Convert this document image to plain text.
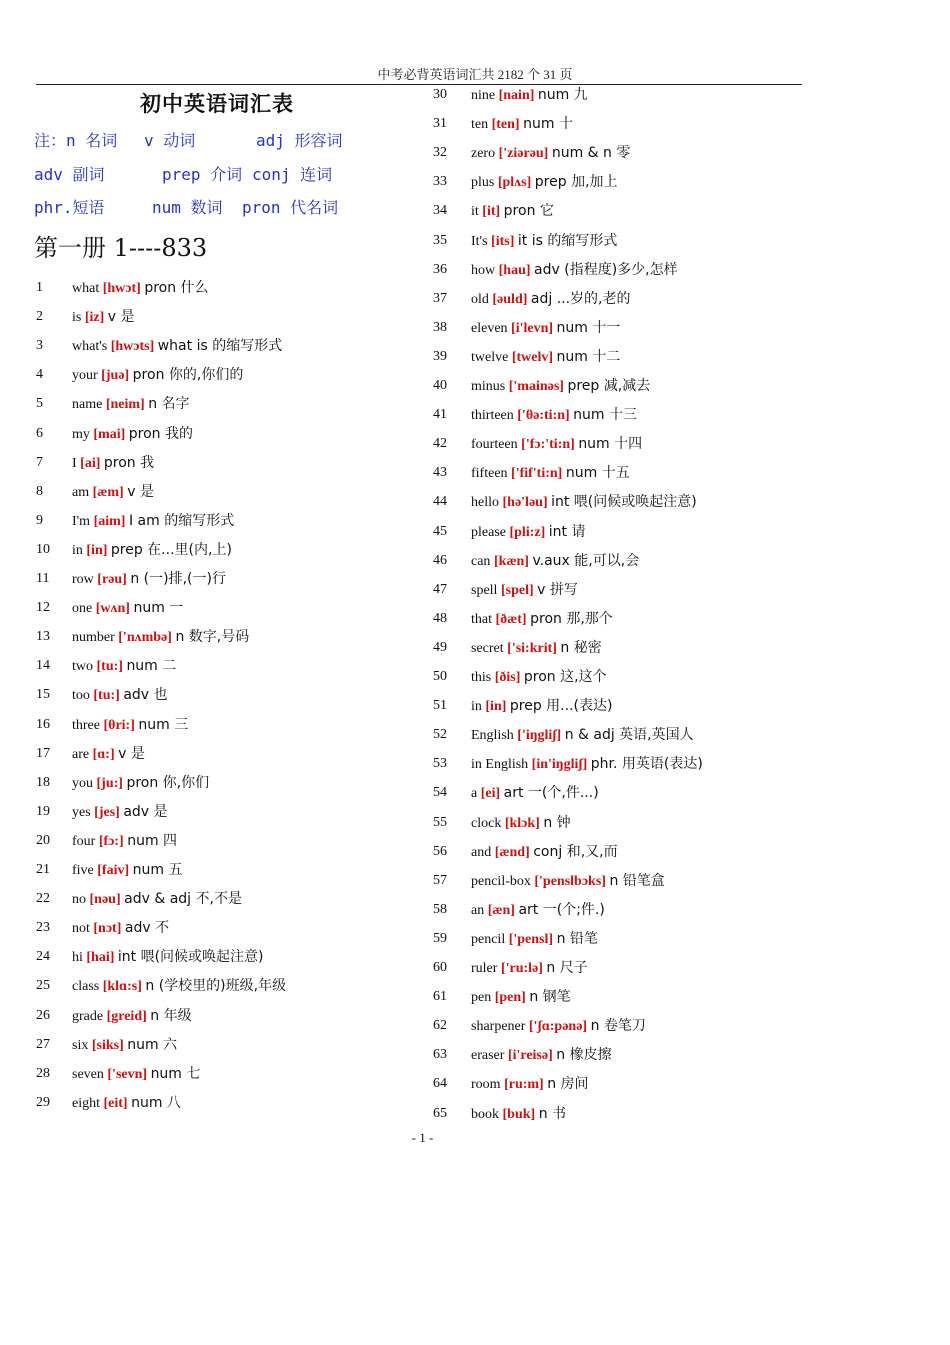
中考必背英语词汇共 2182 个 31 页
初中英语词汇表
注：n 名词 v 动词	adj 形容词
adv 副词	prep 介词 conj 连词
phr.短语	num 数词 pron 代名词
第一册 1----833
1	what [hwɔt] pron 什么
2	is [iz] v 是
3	what's [hwɔts] what is 的缩写形式
4	your [juə] pron 你的,你们的
5	name [neim] n 名字
6	my [mai] pron 我的
7	I [ai] pron 我
8	am [æm] v 是
9	I'm [aim] I am 的缩写形式
10	in [in] prep 在...里(内,上)
11	row [rəu] n (一)排,(一)行
12	one [wʌn] num 一
13	number ['nʌmbə] n 数字,号码
14	two [tu:] num 二
15	too [tu:] adv 也
16	three [θri:] num 三
17	are [ɑ:] v 是
18	you [ju:] pron 你,你们
19	yes [jes] adv 是
20	four [fɔ:] num 四
21	five [faiv] num 五
22	no [nəu] adv & adj 不,不是
23	not [nɔt] adv 不
24	hi [hai] int 喂(问候或唤起注意)
25	class [klɑ:s] n (学校里的)班级,年级
26	grade [greid] n 年级
27	six [siks] num 六
28	seven ['sevn] num 七
29	eight [eit] num 八
30	nine [nain] num 九
31	ten [ten] num 十
32	zero ['ziərəu] num & n 零
33	plus [plʌs] prep 加,加上
34	it [it] pron 它
35	It's [its] it is 的缩写形式
36	how [hau] adv (指程度)多少,怎样
37	old [əuld] adj ...岁的,老的
38	eleven [i'levn] num 十一
39	twelve [twelv] num 十二
40	minus ['mainəs] prep 减,减去
41	thirteen ['θə:ti:n] num 十三
42	fourteen ['fɔ:'ti:n] num 十四
43	fifteen ['fif'ti:n] num 十五
44	hello [hə'ləu] int 喂(问候或唤起注意)
45	please [pli:z] int 请
46	can [kæn] v.aux 能,可以,会
47	spell [spel] v 拼写
48	that [ðæt] pron 那,那个
49	secret ['si:krit] n 秘密
50	this [ðis] pron 这,这个
51	in [in] prep 用...(表达)
52	English ['iŋgliʃ] n & adj 英语,英国人
53	in English [in'iŋgliʃ] phr. 用英语(表达)
54	a [ei] art 一(个,件...)
55	clock [klɔk] n 钟
56	and [ænd] conj 和,又,而
57	pencil-box ['penslbɔks] n 铅笔盒
58	an [æn] art 一(个;件.)
59	pencil ['pensl] n 铅笔
60	ruler ['ru:lə] n 尺子
61	pen [pen] n 钢笔
62	sharpener ['ʃɑ:pənə] n 卷笔刀
63	eraser [i'reisə] n 橡皮擦
64	room [ru:m] n 房间
65	book [buk] n 书
- 1 -
